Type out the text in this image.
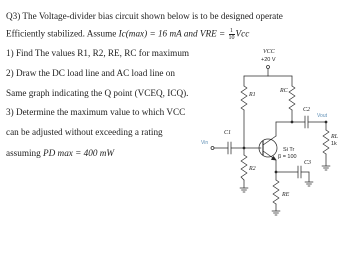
Q3) The Voltage-divider bias circuit shown below is to be designed operate
Efficiently stabilized. Assume Ic(max) = 16 mA and VRE = $\frac{1}{10}$ Vcc
1) Find The values R1, R2, RE, RC for maximum
2) Draw the DC load line and AC load line on
Same graph indicating the Q point (VCEQ, ICQ).
3) Determine the maximum value to which VCC
can be adjusted without exceeding a rating
assuming PD max = 400 mW
VCC
+20 V
R1
R2
RC
RE
RL
1k
C1
C2
C3
Vin
Vout
Si Tr
β = 100
